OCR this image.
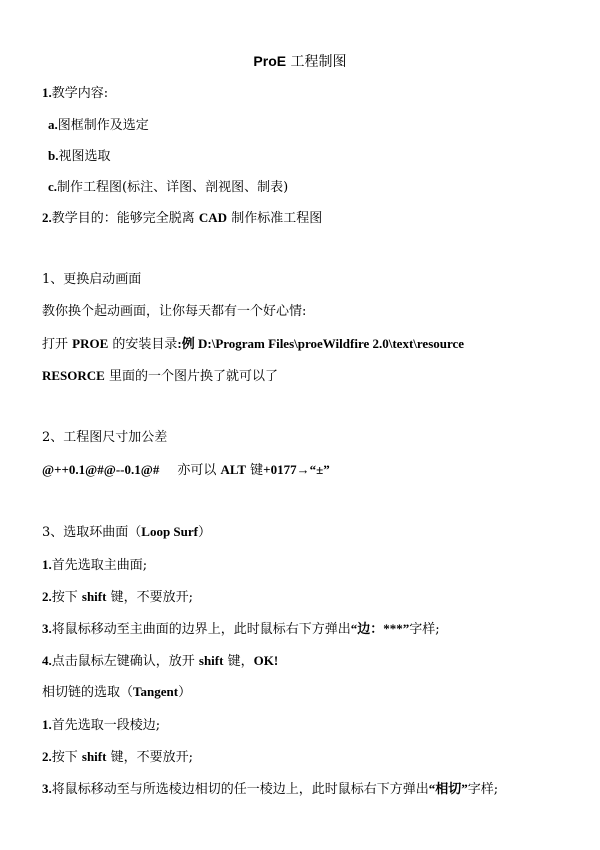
ProE 工程制图
1.教学内容:
a.图框制作及选定
b.视图选取
c.制作工程图(标注、详图、剖视图、制表)
2.教学目的：能够完全脱离 CAD 制作标准工程图
1、更换启动画面
教你换个起动画面，让你每天都有一个好心情:
打开 PROE 的安装目录:例 D:\Program Files\proeWildfire 2.0\text\resource
RESORCE 里面的一个图片换了就可以了
2、工程图尺寸加公差
@++0.1@#@--0.1@# 亦可以 ALT 键+0177→“±”
3、选取环曲面（Loop Surf）
1.首先选取主曲面;
2.按下 shift 键，不要放开;
3.将鼠标移动至主曲面的边界上，此时鼠标右下方弹出“边：***”字样;
4.点击鼠标左键确认，放开 shift 键，OK!
相切链的选取（Tangent）
1.首先选取一段棱边;
2.按下 shift 键，不要放开;
3.将鼠标移动至与所选棱边相切的任一棱边上，此时鼠标右下方弹出“相切”字样;
